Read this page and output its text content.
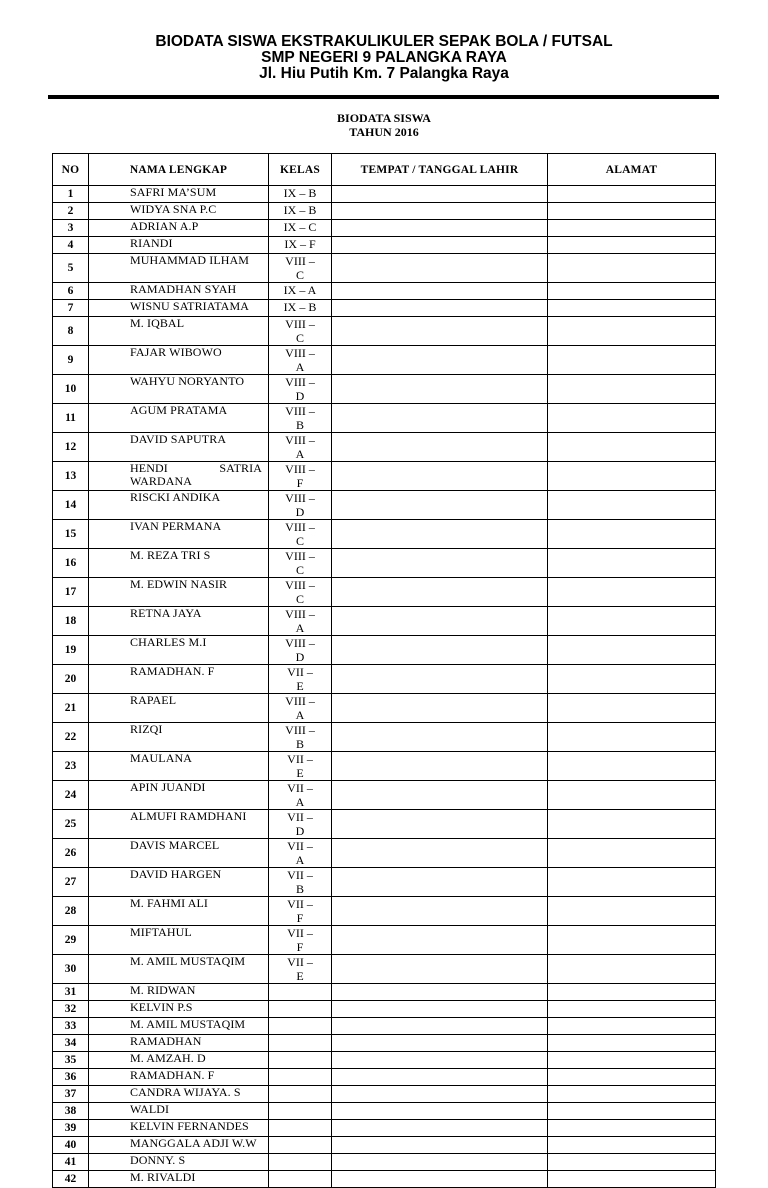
BIODATA SISWA EKSTRAKULIKULER SEPAK BOLA / FUTSAL
SMP NEGERI 9 PALANGKA RAYA
Jl. Hiu Putih Km. 7 Palangka Raya
BIODATA SISWA
TAHUN 2016
NO	NAMA LENGKAP	KELAS	TEMPAT / TANGGAL LAHIR	ALAMAT
1	SAFRI MA’SUM	IX – B		
2	WIDYA SNA P.C	IX – B		
3	ADRIAN A.P	IX – C		
4	RIANDI	IX – F		
5	MUHAMMAD ILHAM	VIII – C		
6	RAMADHAN SYAH	IX – A		
7	WISNU SATRIATAMA	IX – B		
8	M. IQBAL	VIII – C		
9	FAJAR WIBOWO	VIII – A		
10	WAHYU NORYANTO	VIII – D		
11	AGUM PRATAMA	VIII – B		
12	DAVID SAPUTRA	VIII – A		
13	HENDI SATRIA WARDANA	VIII – F		
14	RISCKI ANDIKA	VIII – D		
15	IVAN PERMANA	VIII – C		
16	M. REZA TRI S	VIII – C		
17	M. EDWIN NASIR	VIII – C		
18	RETNA JAYA	VIII – A		
19	CHARLES M.I	VIII – D		
20	RAMADHAN. F	VII – E		
21	RAPAEL	VIII – A		
22	RIZQI	VIII – B		
23	MAULANA	VII – E		
24	APIN JUANDI	VII – A		
25	ALMUFI RAMDHANI	VII – D		
26	DAVIS MARCEL	VII – A		
27	DAVID HARGEN	VII – B		
28	M. FAHMI ALI	VII – F		
29	MIFTAHUL	VII – F		
30	M. AMIL MUSTAQIM	VII – E		
31	M. RIDWAN			
32	KELVIN P.S			
33	M. AMIL MUSTAQIM			
34	RAMADHAN			
35	M. AMZAH. D			
36	RAMADHAN. F			
37	CANDRA WIJAYA. S			
38	WALDI			
39	KELVIN FERNANDES			
40	MANGGALA ADJI W.W			
41	DONNY. S			
42	M. RIVALDI			
